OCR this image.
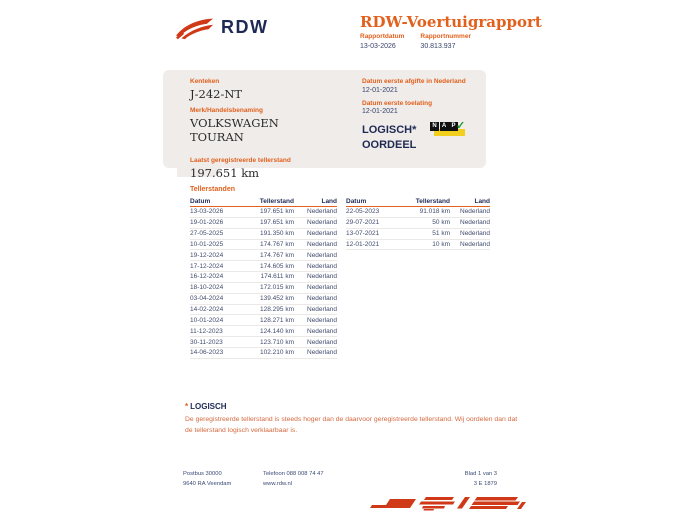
RDW	RDW-Voertuigrapport
Rapportdatum
13-03-2026
Rapportnummer
30.813.937
Kenteken
J-242-NT
Merk/Handelsbenaming
VOLKSWAGEN
TOURAN
Laatst geregistreerde tellerstand
197.651 km
Datum eerste afgifte in Nederland
12-01-2021
Datum eerste toelating
12-01-2021
LOGISCH*
OORDEEL
N A P ✓
Tellerstanden
Datum	Tellerstand	Land
13-03-2026	197.651 km	Nederland
19-01-2026	197.651 km	Nederland
27-05-2025	191.350 km	Nederland
10-01-2025	174.767 km	Nederland
19-12-2024	174.767 km	Nederland
17-12-2024	174.605 km	Nederland
16-12-2024	174.611 km	Nederland
18-10-2024	172.015 km	Nederland
03-04-2024	139.452 km	Nederland
14-02-2024	128.295 km	Nederland
10-01-2024	128.271 km	Nederland
11-12-2023	124.140 km	Nederland
30-11-2023	123.710 km	Nederland
14-06-2023	102.210 km	Nederland
Datum	Tellerstand	Land
22-05-2023	91.018 km	Nederland
29-07-2021	50 km	Nederland
13-07-2021	51 km	Nederland
12-01-2021	10 km	Nederland
* LOGISCH
De geregistreerde tellerstand is steeds hoger dan de daarvoor geregistreerde tellerstand. Wij oordelen dan dat de tellerstand logisch verklaarbaar is.
Postbus 30000
9640 RA Veendam
Telefoon 088 008 74 47
www.rdw.nl
Blad 1 van 3
3 E 1879
